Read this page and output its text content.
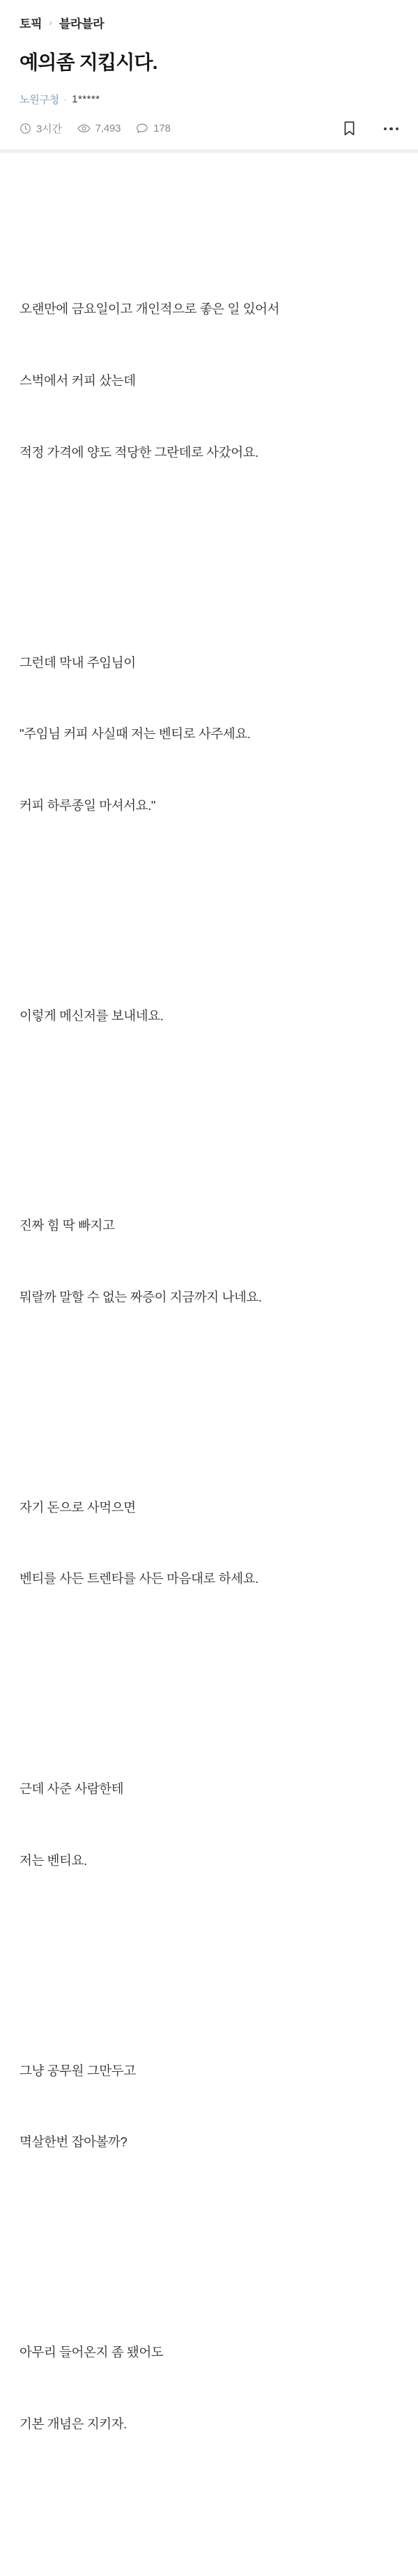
토픽 › 블라블라
예의좀 지킵시다.
노원구청 · 1*****
3시간	7,493	178

오랜만에 금요일이고 개인적으로 좋은 일 있어서

스벅에서 커피 샀는데

적정 가격에 양도 적당한 그란데로 사갔어요.

그런데 막내 주임님이

"주임님 커피 사실때 저는 벤티로 사주세요.

커피 하루종일 마셔서요."

이렇게 메신저를 보내네요.

진짜 힘 딱 빠지고

뭐랄까 말할 수 없는 짜증이 지금까지 나네요.

자기 돈으로 사먹으면

벤티를 사든 트렌타를 사든 마음대로 하세요.

근데 사준 사람한테

저는 벤티요.

그냥 공무원 그만두고

멱살한번 잡아볼까?

아무리 들어온지 좀 됐어도

기본 개념은 지키자.
